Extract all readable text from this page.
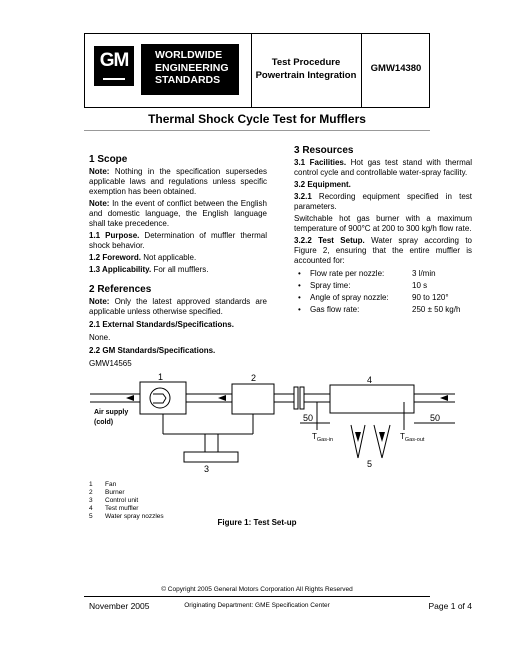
GM	WORLDWIDE
ENGINEERING
STANDARDS
Test Procedure
Powertrain Integration
GMW14380
Thermal Shock Cycle Test for Mufflers

1 Scope

Note: Nothing in the specification supersedes applicable laws and regulations unless specific exemption has been obtained.

Note: In the event of conflict between the English and domestic language, the English language shall take precedence.

1.1 Purpose. Determination of muffler thermal shock behavior.

1.2 Foreword. Not applicable.

1.3 Applicability. For all mufflers.

2 References

Note: Only the latest approved standards are applicable unless otherwise specified.

2.1 External Standards/Specifications.

None.

2.2 GM Standards/Specifications.

GMW14565

3 Resources

3.1 Facilities. Hot gas test stand with thermal control cycle and controllable water-spray facility.

3.2 Equipment.

3.2.1 Recording equipment specified in test parameters.

Switchable hot gas burner with a maximum temperature of 900°C at 200 to 300 kg/h flow rate.

3.2.2 Test Setup. Water spray according to Figure 2, ensuring that the entire muffler is accounted for:

• Flow rate per nozzle:	3 l/min
• Spray time:	10 s
• Angle of spray nozzle:	90 to 120°
• Gas flow rate:	250 ± 50 kg/h
1	2
3
4
5
50	50
Air supply
(cold)
$T_{Gas-in}$	$T_{Gas-out}$
1 Fan
2 Burner
3 Control unit
4 Test muffler
5 Water spray nozzles
Figure 1: Test Set-up
© Copyright 2005 General Motors Corporation All Rights Reserved
November 2005	Originating Department: GME Specification Center	Page 1 of 4
